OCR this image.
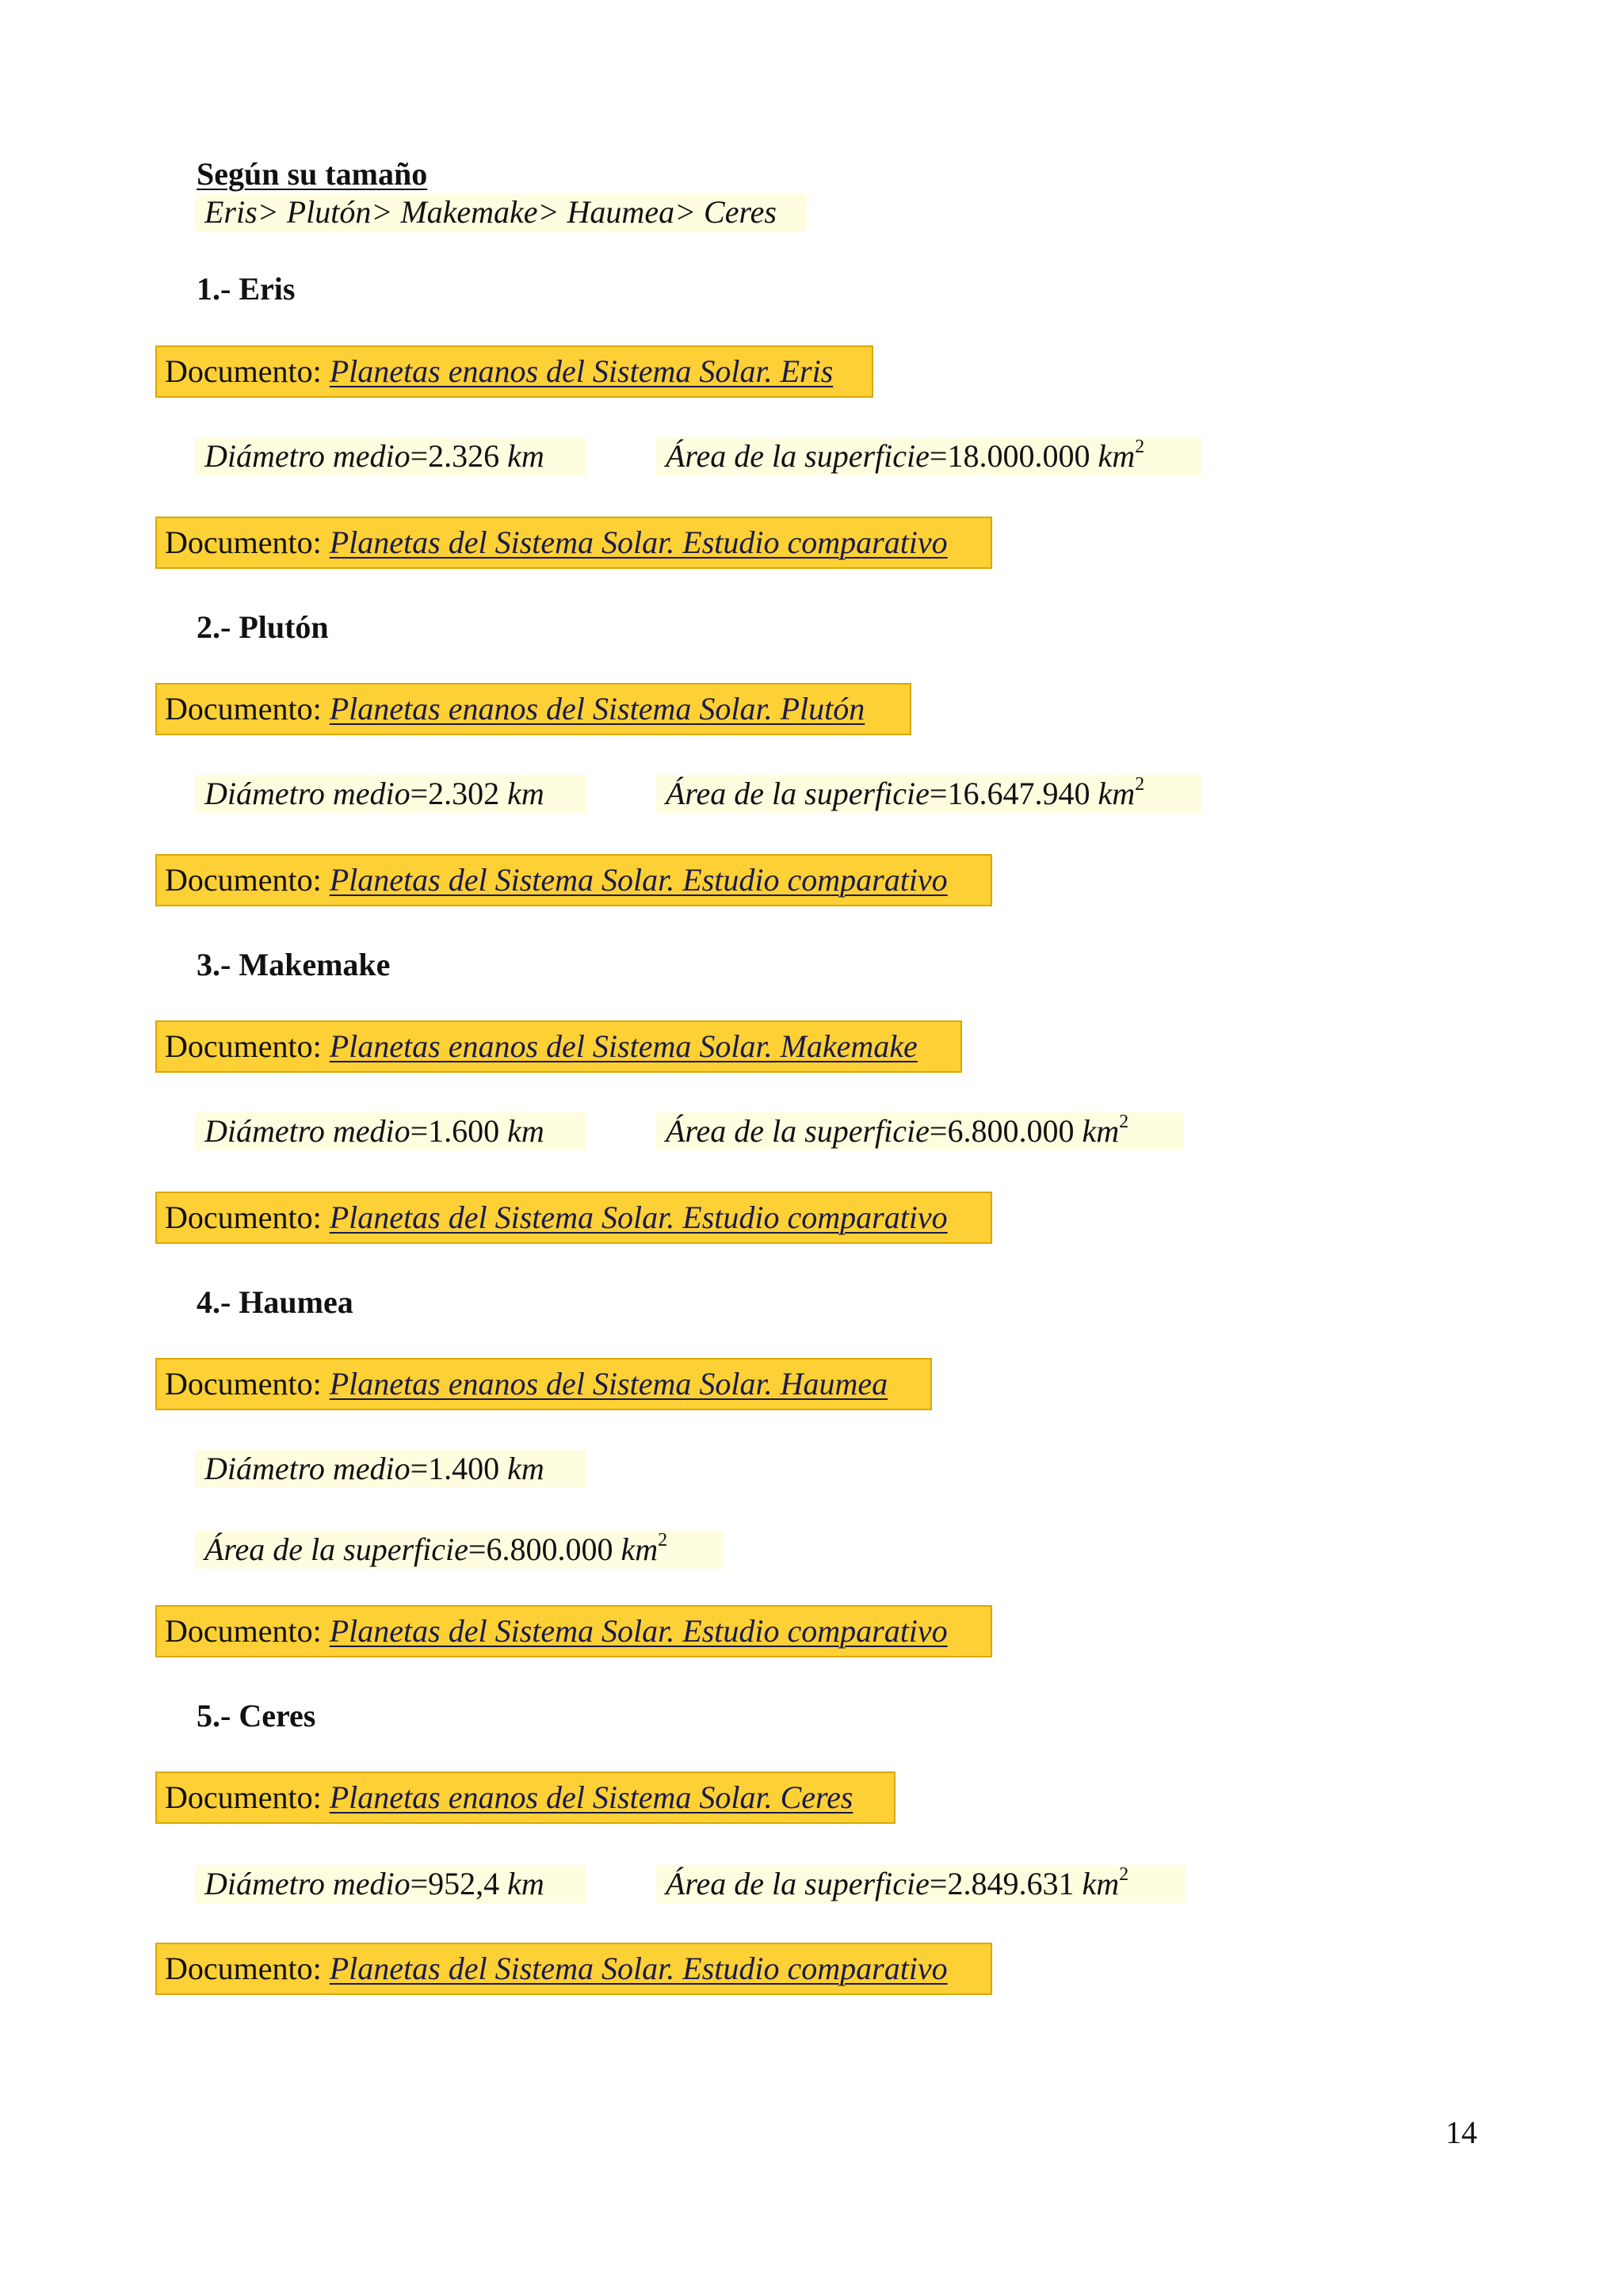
Según su tamaño
Eris> Plutón> Makemake> Haumea> Ceres
1.- Eris
Documento: Planetas enanos del Sistema Solar. Eris
Diámetro medio=2.326 km	Área de la superficie=18.000.000 $km^2$
Documento: Planetas del Sistema Solar. Estudio comparativo
2.- Plutón
Documento: Planetas enanos del Sistema Solar. Plutón
Diámetro medio=2.302 km	Área de la superficie=16.647.940 $km^2$
Documento: Planetas del Sistema Solar. Estudio comparativo
3.- Makemake
Documento: Planetas enanos del Sistema Solar. Makemake
Diámetro medio=1.600 km	Área de la superficie=6.800.000 $km^2$
Documento: Planetas del Sistema Solar. Estudio comparativo
4.- Haumea
Documento: Planetas enanos del Sistema Solar. Haumea
Diámetro medio=1.400 km
Área de la superficie=6.800.000 $km^2$
Documento: Planetas del Sistema Solar. Estudio comparativo
5.- Ceres
Documento: Planetas enanos del Sistema Solar. Ceres
Diámetro medio=952,4 km	Área de la superficie=2.849.631 $km^2$
Documento: Planetas del Sistema Solar. Estudio comparativo
14
